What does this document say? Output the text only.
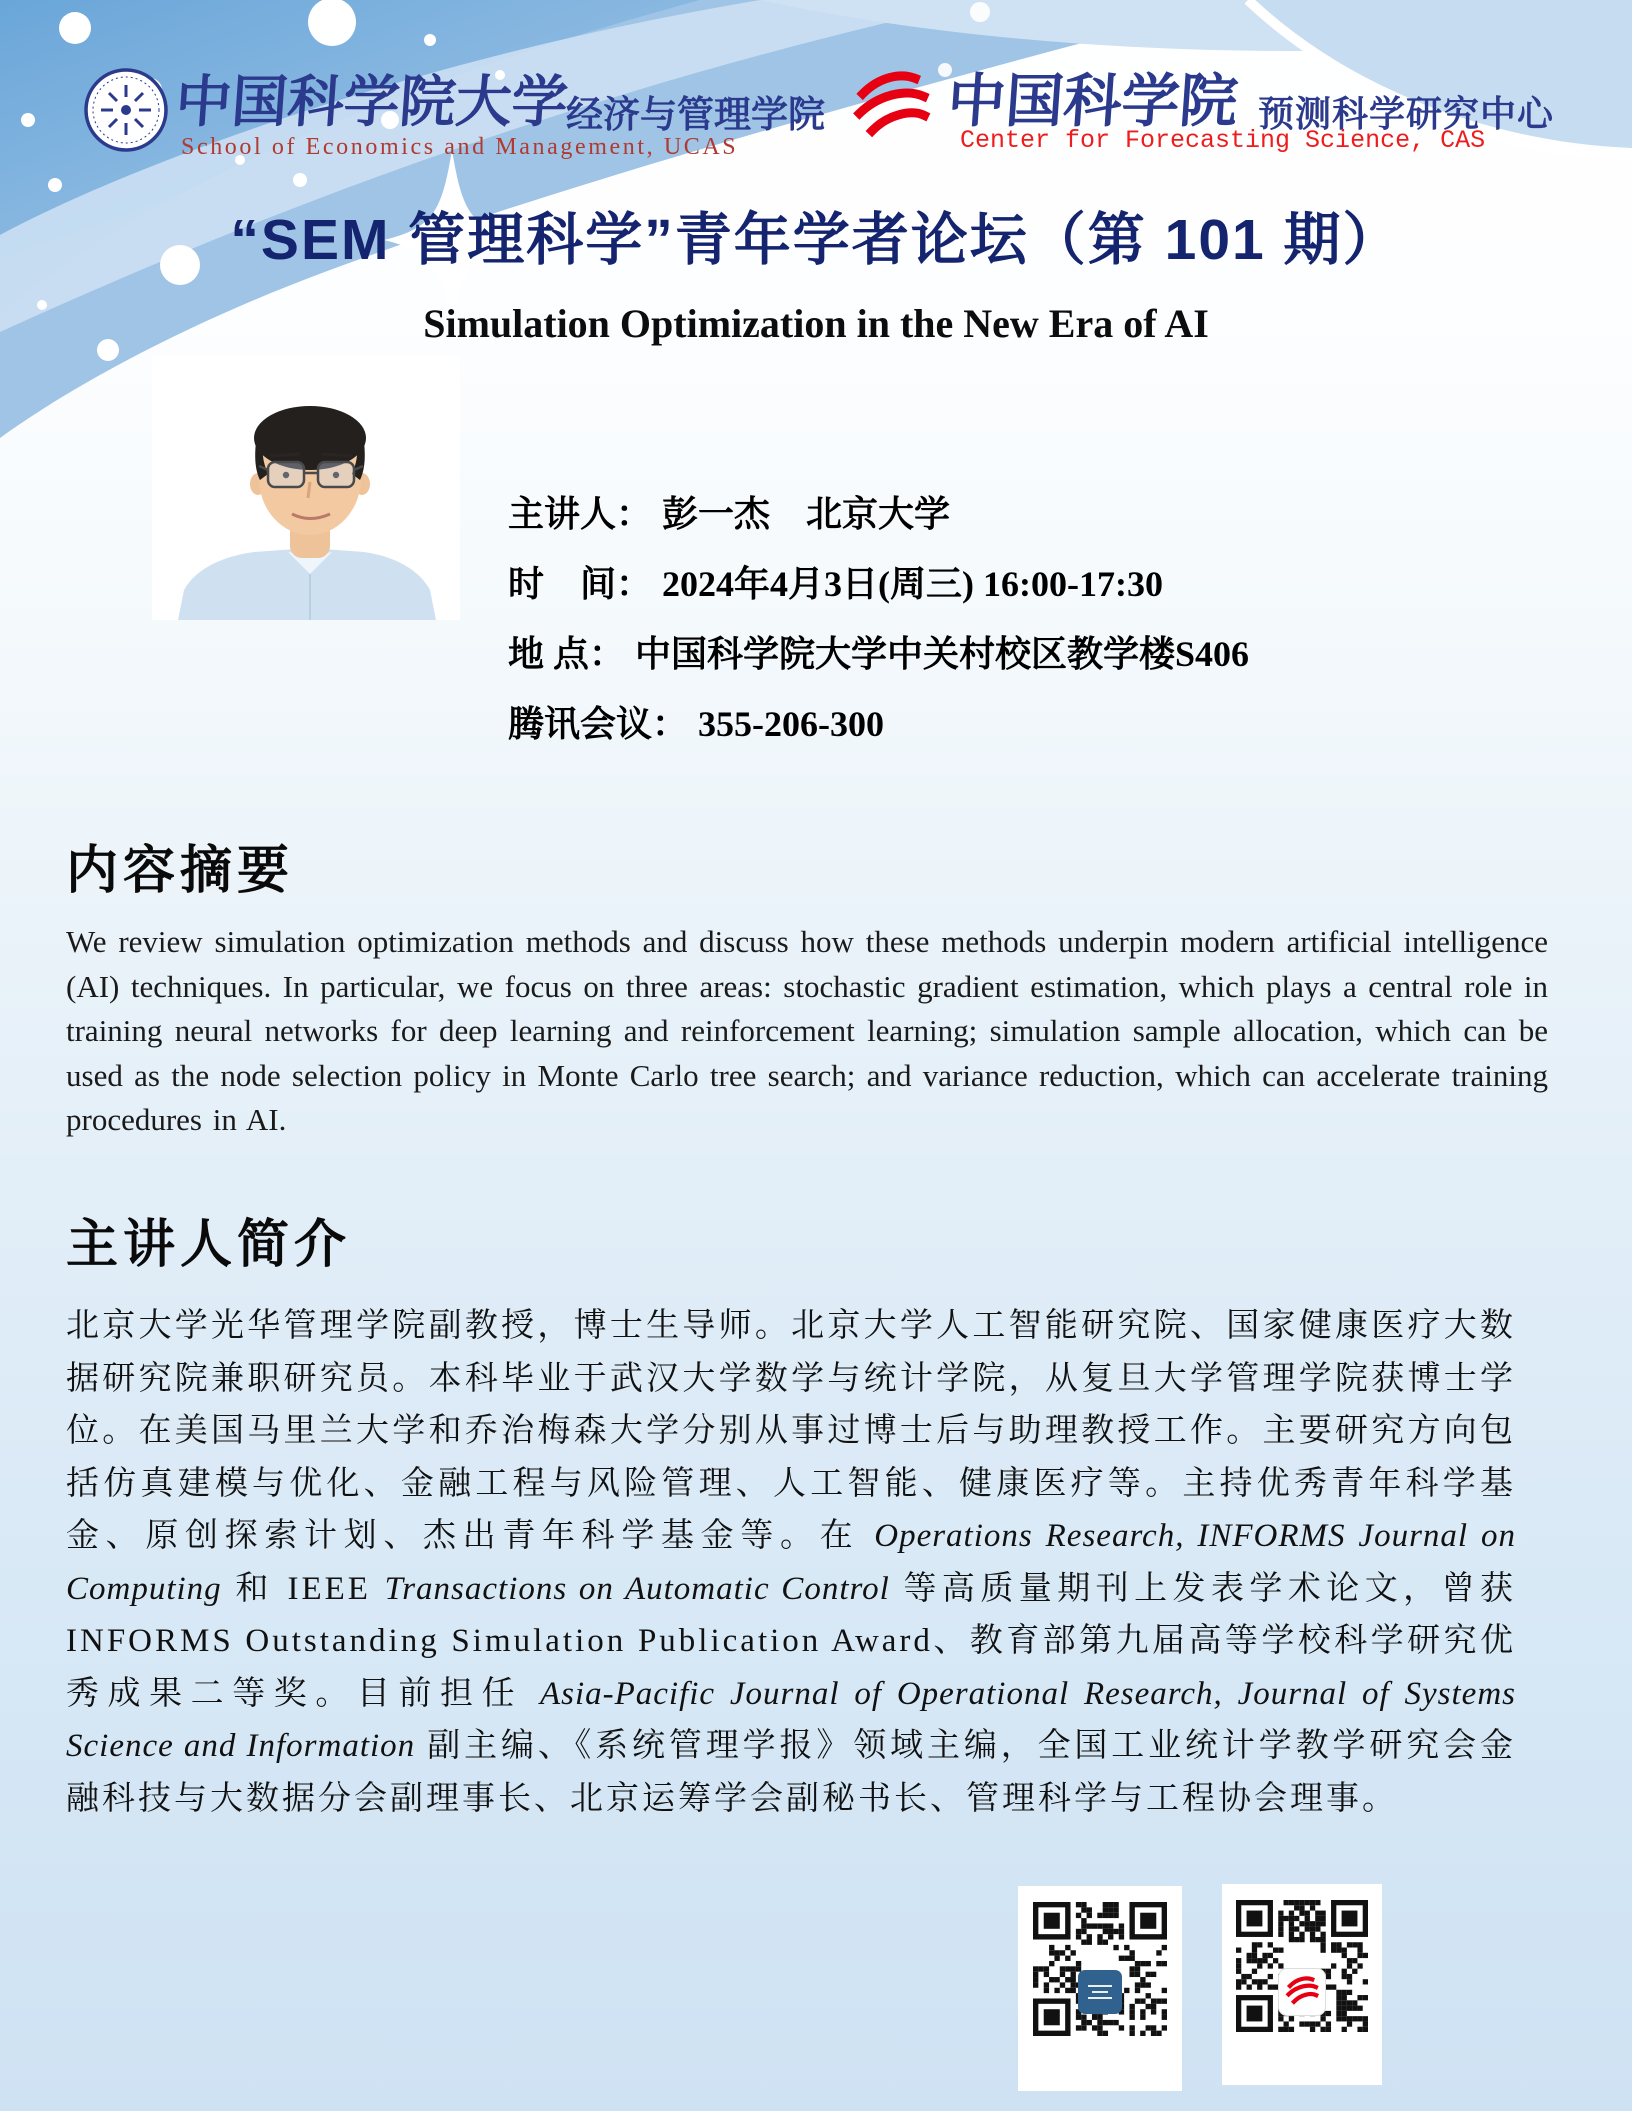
中国科学院大学
经济与管理学院
School of Economics and Management, UCAS
中国科学院 预测科学研究中心
Center for Forecasting Science, CAS
“SEM 管理科学”青年学者论坛（第 101 期）
Simulation Optimization in the New Era of AI
主讲人： 彭一杰　北京大学
时　间： 2024年4月3日(周三) 16:00-17:30
地 点： 中国科学院大学中关村校区教学楼S406
腾讯会议： 355-206-300
内容摘要

We review simulation optimization methods and discuss how these methods underpin modern artificial intelligence (AI) techniques. In particular, we focus on three areas: stochastic gradient estimation, which plays a central role in training neural networks for deep learning and reinforcement learning; simulation sample allocation, which can be used as the node selection policy in Monte Carlo tree search; and variance reduction, which can accelerate training procedures in AI.

主讲人简介

北京大学光华管理学院副教授，博士生导师。北京大学人工智能研究院、国家健康医疗大数据研究院兼职研究员。本科毕业于武汉大学数学与统计学院，从复旦大学管理学院获博士学位。在美国马里兰大学和乔治梅森大学分别从事过博士后与助理教授工作。主要研究方向包括仿真建模与优化、金融工程与风险管理、人工智能、健康医疗等。主持优秀青年科学基金、原创探索计划、杰出青年科学基金等。在 Operations Research, INFORMS Journal on Computing 和 IEEE Transactions on Automatic Control 等高质量期刊上发表学术论文，曾获 INFORMS Outstanding Simulation Publication Award、教育部第九届高等学校科学研究优秀成果二等奖。目前担任 Asia-Pacific Journal of Operational Research, Journal of Systems Science and Information 副主编、《系统管理学报》领域主编，全国工业统计学教学研究会金融科技与大数据分会副理事长、北京运筹学会副秘书长、管理科学与工程协会理事。
